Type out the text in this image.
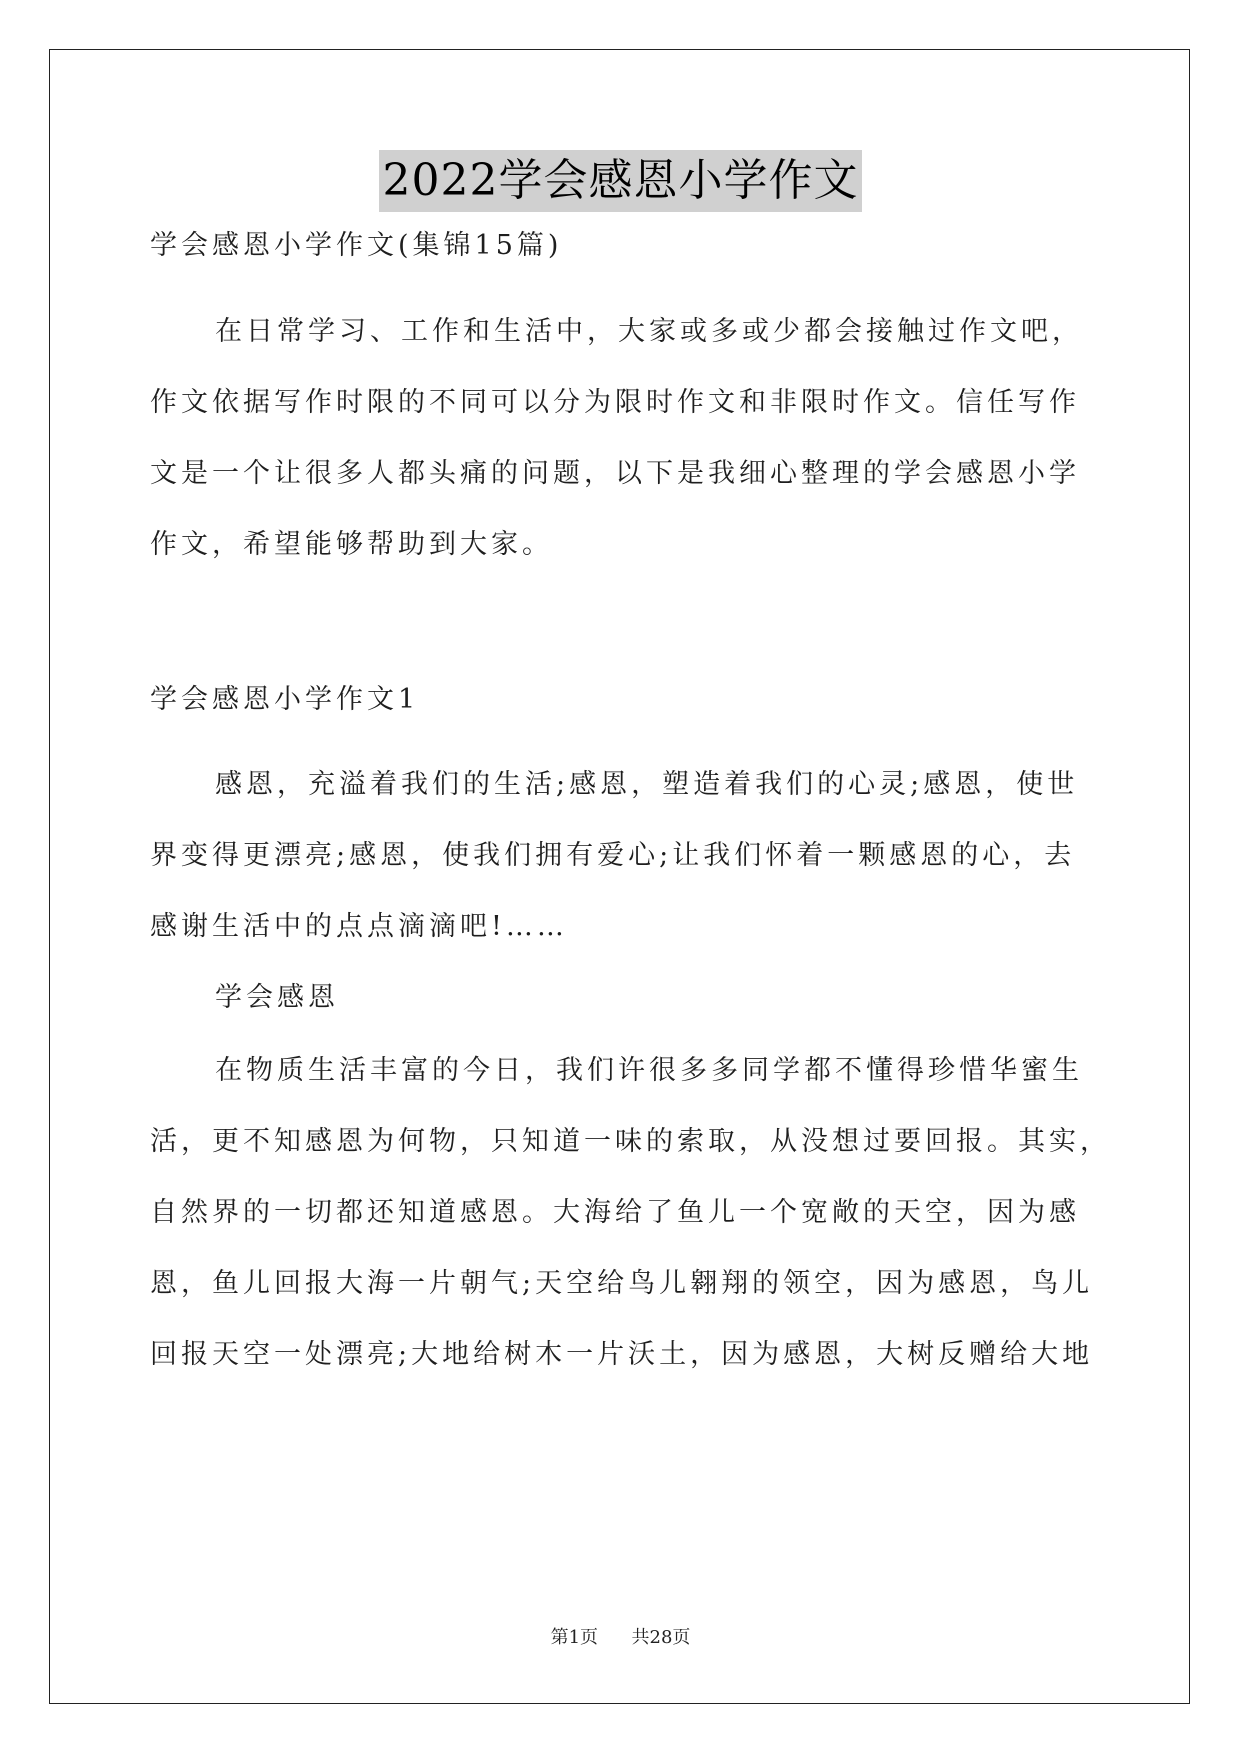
2022学会感恩小学作文
学会感恩小学作文(集锦15篇)
在日常学习、工作和生活中，大家或多或少都会接触过作文吧，
作文依据写作时限的不同可以分为限时作文和非限时作文。信任写作
文是一个让很多人都头痛的问题，以下是我细心整理的学会感恩小学
作文，希望能够帮助到大家。
学会感恩小学作文1
感恩，充溢着我们的生活;感恩，塑造着我们的心灵;感恩，使世
界变得更漂亮;感恩，使我们拥有爱心;让我们怀着一颗感恩的心，去
感谢生活中的点点滴滴吧!……
学会感恩
在物质生活丰富的今日，我们许很多多同学都不懂得珍惜华蜜生
活，更不知感恩为何物，只知道一味的索取，从没想过要回报。其实，
自然界的一切都还知道感恩。大海给了鱼儿一个宽敞的天空，因为感
恩，鱼儿回报大海一片朝气;天空给鸟儿翱翔的领空，因为感恩，鸟儿
回报天空一处漂亮;大地给树木一片沃土，因为感恩，大树反赠给大地
第1页 共28页
